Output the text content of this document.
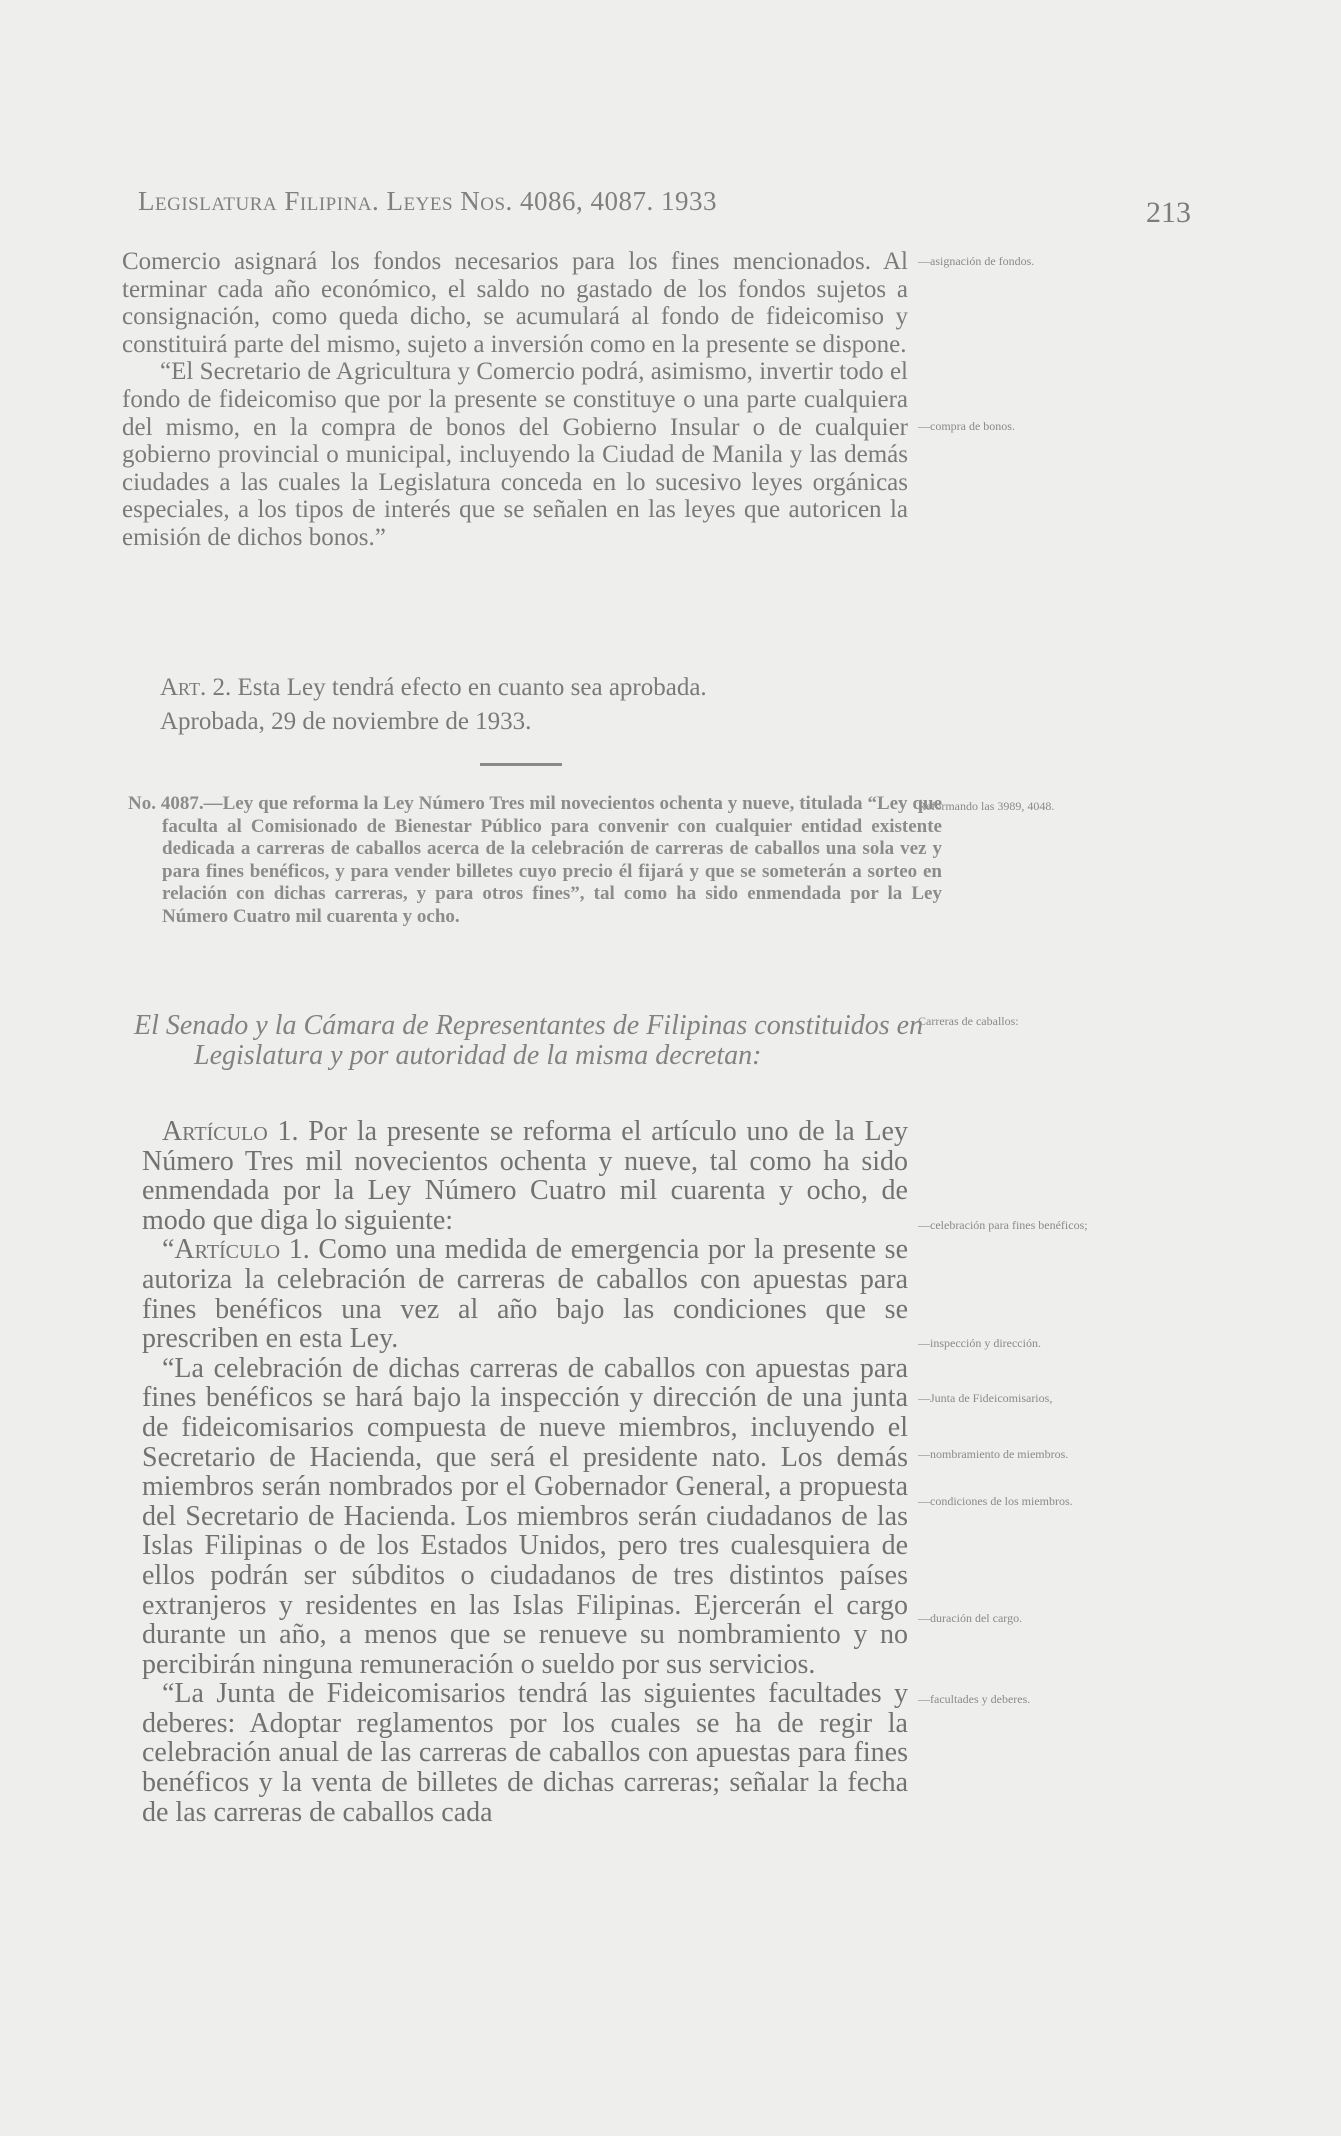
Legislatura Filipina. Leyes Nos. 4086, 4087. 1933	213

Comercio asignará los fondos necesarios para los fines mencionados. Al terminar cada año económico, el saldo no gastado de los fondos sujetos a consignación, como queda dicho, se acumulará al fondo de fideicomiso y constituirá parte del mismo, sujeto a inversión como en la presente se dispone.

“El Secretario de Agricultura y Comercio podrá, asimismo, invertir todo el fondo de fideicomiso que por la presente se constituye o una parte cualquiera del mismo, en la compra de bonos del Gobierno Insular o de cualquier gobierno provincial o municipal, incluyendo la Ciudad de Manila y las demás ciudades a las cuales la Legislatura conceda en lo sucesivo leyes orgánicas especiales, a los tipos de interés que se señalen en las leyes que autoricen la emisión de dichos bonos.”

Art. 2. Esta Ley tendrá efecto en cuanto sea aprobada.

Aprobada, 29 de noviembre de 1933.

No. 4087.—Ley que reforma la Ley Número Tres mil novecientos ochenta y nueve, titulada “Ley que faculta al Comisionado de Bienestar Público para convenir con cualquier entidad existente dedicada a carreras de caballos acerca de la celebración de carreras de caballos una sola vez y para fines benéficos, y para vender billetes cuyo precio él fijará y que se someterán a sorteo en relación con dichas carreras, y para otros fines”, tal como ha sido enmendada por la Ley Número Cuatro mil cuarenta y ocho.

El Senado y la Cámara de Representantes de Filipinas constituidos en Legislatura y por autoridad de la misma decretan:

Artículo 1. Por la presente se reforma el artículo uno de la Ley Número Tres mil novecientos ochenta y nueve, tal como ha sido enmendada por la Ley Número Cuatro mil cuarenta y ocho, de modo que diga lo siguiente:

“Artículo 1. Como una medida de emergencia por la presente se autoriza la celebración de carreras de caballos con apuestas para fines benéficos una vez al año bajo las condiciones que se prescriben en esta Ley.

“La celebración de dichas carreras de caballos con apuestas para fines benéficos se hará bajo la inspección y dirección de una junta de fideicomisarios compuesta de nueve miembros, incluyendo el Secretario de Hacienda, que será el presidente nato. Los demás miembros serán nombrados por el Gobernador General, a propuesta del Secretario de Hacienda. Los miembros serán ciudadanos de las Islas Filipinas o de los Estados Unidos, pero tres cualesquiera de ellos podrán ser súbditos o ciudadanos de tres distintos países extranjeros y residentes en las Islas Filipinas. Ejercerán el cargo durante un año, a menos que se renueve su nombramiento y no percibirán ninguna remuneración o sueldo por sus servicios.

“La Junta de Fideicomisarios tendrá las siguientes facultades y deberes: Adoptar reglamentos por los cuales se ha de regir la celebración anual de las carreras de caballos con apuestas para fines benéficos y la venta de billetes de dichas carreras; señalar la fecha de las carreras de caballos cada

—asignación de fondos.

—compra de bonos.

Reformando las 3989, 4048.

Carreras de caballos:

—celebración para fines benéficos;

—inspección y dirección.

—Junta de Fideicomisarios,

—nombramiento de miembros.

—condiciones de los miembros.

—duración del cargo.

—facultades y deberes.
